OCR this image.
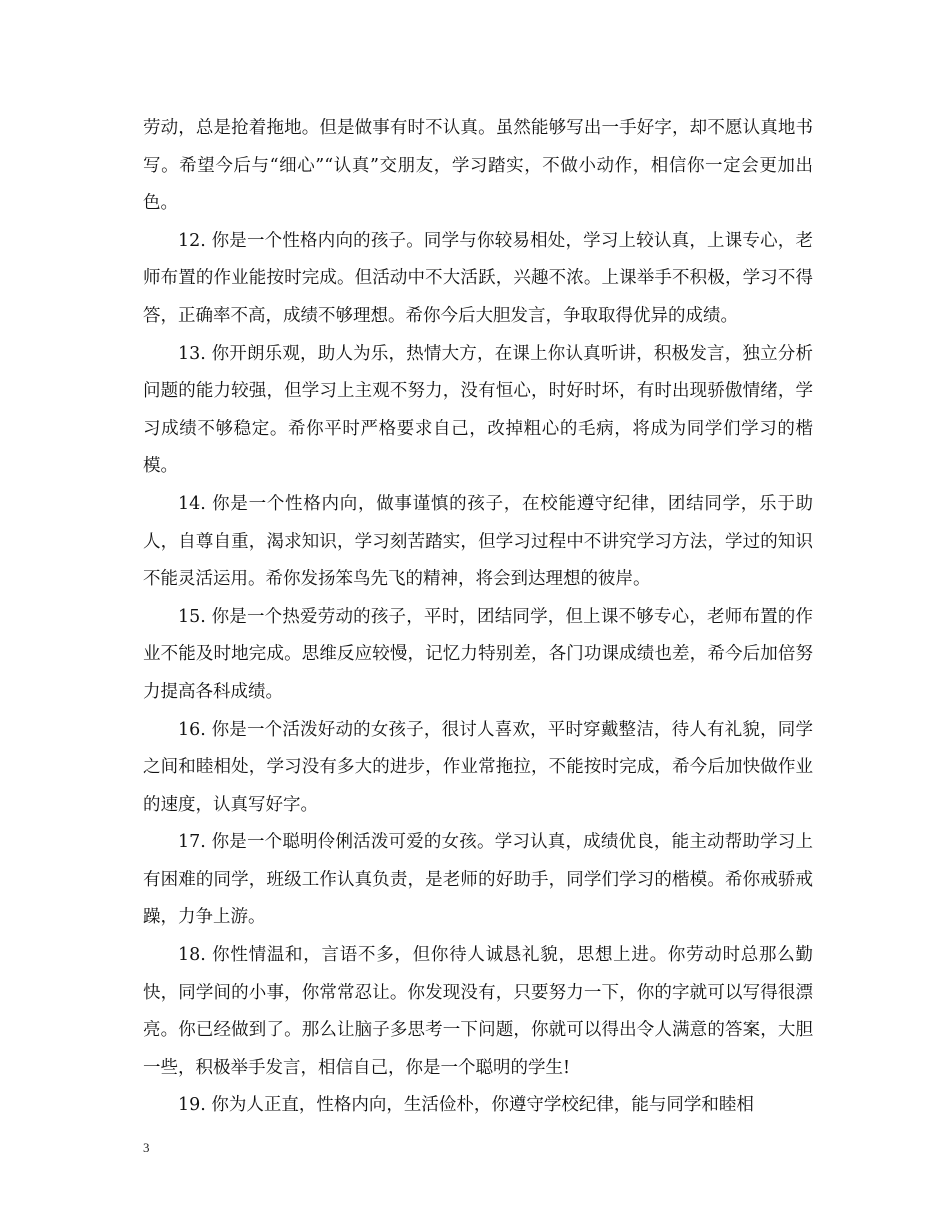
劳动，总是抢着拖地。但是做事有时不认真。虽然能够写出一手好字，却不愿认真地书写。希望今后与“细心”“认真”交朋友，学习踏实，不做小动作，相信你一定会更加出色。

12. 你是一个性格内向的孩子。同学与你较易相处，学习上较认真，上课专心，老师布置的作业能按时完成。但活动中不大活跃，兴趣不浓。上课举手不积极，学习不得答，正确率不高，成绩不够理想。希你今后大胆发言，争取取得优异的成绩。

13. 你开朗乐观，助人为乐，热情大方，在课上你认真听讲，积极发言，独立分析问题的能力较强，但学习上主观不努力，没有恒心，时好时坏，有时出现骄傲情绪，学习成绩不够稳定。希你平时严格要求自己，改掉粗心的毛病，将成为同学们学习的楷模。

14. 你是一个性格内向，做事谨慎的孩子，在校能遵守纪律，团结同学，乐于助人，自尊自重，渴求知识，学习刻苦踏实，但学习过程中不讲究学习方法，学过的知识不能灵活运用。希你发扬笨鸟先飞的精神，将会到达理想的彼岸。

15. 你是一个热爱劳动的孩子，平时，团结同学，但上课不够专心，老师布置的作业不能及时地完成。思维反应较慢，记忆力特别差，各门功课成绩也差，希今后加倍努力提高各科成绩。

16. 你是一个活泼好动的女孩子，很讨人喜欢，平时穿戴整洁，待人有礼貌，同学之间和睦相处，学习没有多大的进步，作业常拖拉，不能按时完成，希今后加快做作业的速度，认真写好字。

17. 你是一个聪明伶俐活泼可爱的女孩。学习认真，成绩优良，能主动帮助学习上有困难的同学，班级工作认真负责，是老师的好助手，同学们学习的楷模。希你戒骄戒躁，力争上游。

18. 你性情温和，言语不多，但你待人诚恳礼貌，思想上进。你劳动时总那么勤快，同学间的小事，你常常忍让。你发现没有，只要努力一下，你的字就可以写得很漂亮。你已经做到了。那么让脑子多思考一下问题，你就可以得出令人满意的答案，大胆一些，积极举手发言，相信自己，你是一个聪明的学生!

19. 你为人正直，性格内向，生活俭朴，你遵守学校纪律，能与同学和睦相

3
